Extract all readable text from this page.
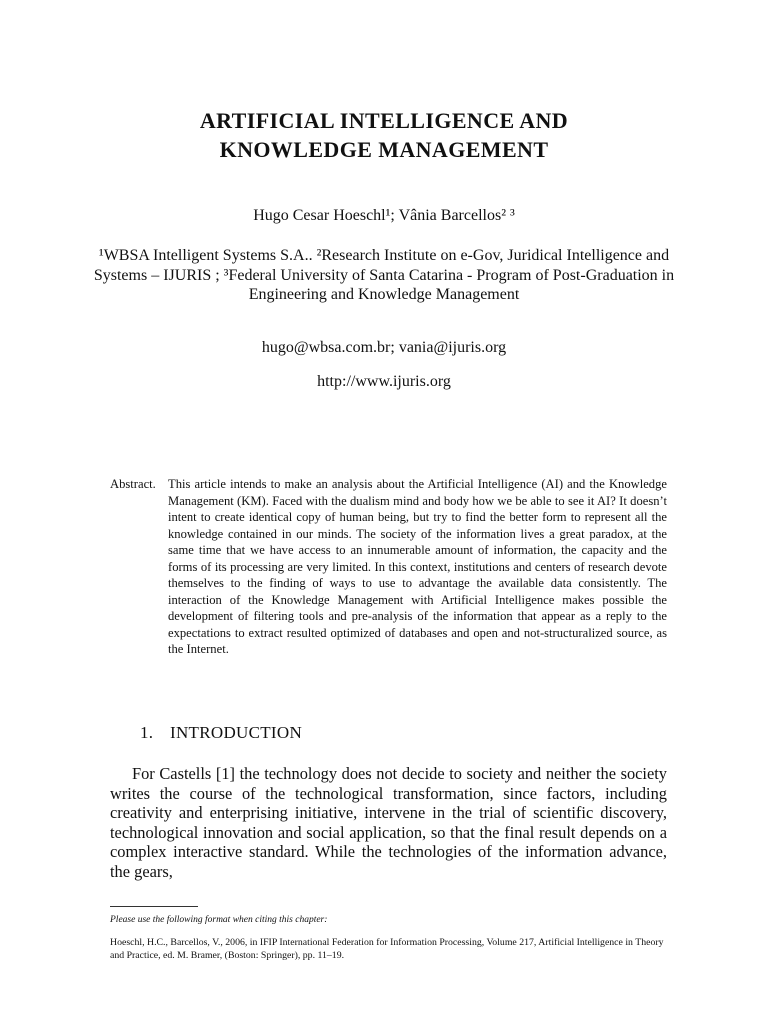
ARTIFICIAL INTELLIGENCE AND
KNOWLEDGE MANAGEMENT
Hugo Cesar Hoeschl¹; Vânia Barcellos² ³
¹WBSA Intelligent Systems S.A.. ²Research Institute on e-Gov, Juridical Intelligence and Systems – IJURIS ; ³Federal University of Santa Catarina - Program of Post-Graduation in Engineering and Knowledge Management
hugo@wbsa.com.br; vania@ijuris.org
http://www.ijuris.org
Abstract. This article intends to make an analysis about the Artificial Intelligence (AI) and the Knowledge Management (KM). Faced with the dualism mind and body how we be able to see it AI? It doesn’t intent to create identical copy of human being, but try to find the better form to represent all the knowledge contained in our minds. The society of the information lives a great paradox, at the same time that we have access to an innumerable amount of information, the capacity and the forms of its processing are very limited. In this context, institutions and centers of research devote themselves to the finding of ways to use to advantage the available data consistently. The interaction of the Knowledge Management with Artificial Intelligence makes possible the development of filtering tools and pre-analysis of the information that appear as a reply to the expectations to extract resulted optimized of databases and open and not-structuralized source, as the Internet.
1. INTRODUCTION
For Castells [1] the technology does not decide to society and neither the society writes the course of the technological transformation, since factors, including creativity and enterprising initiative, intervene in the trial of scientific discovery, technological innovation and social application, so that the final result depends on a complex interactive standard. While the technologies of the information advance, the gears,
Please use the following format when citing this chapter:
Hoeschl, H.C., Barcellos, V., 2006, in IFIP International Federation for Information Processing, Volume 217, Artificial Intelligence in Theory and Practice, ed. M. Bramer, (Boston: Springer), pp. 11–19.
